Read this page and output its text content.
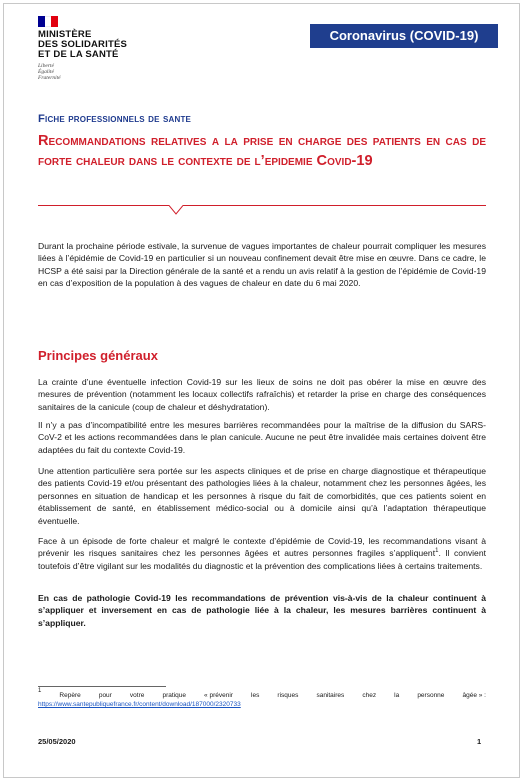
MINISTÈRE
DES SOLIDARITÉS
ET DE LA SANTÉ
Liberté
Égalité
Fraternité
Coronavirus (COVID-19)
Fiche professionnels de sante
Recommandations relatives a la prise en charge des patients en cas de forte chaleur dans le contexte de l’epidemie Covid-19

Durant la prochaine période estivale, la survenue de vagues importantes de chaleur pourrait compliquer les mesures liées à l’épidémie de Covid-19 en particulier si un nouveau confinement devait être mise en œuvre. Dans ce cadre, le HCSP a été saisi par la Direction générale de la santé et a rendu un avis relatif à la gestion de l’épidémie de Covid-19 en cas d’exposition de la population à des vagues de chaleur en date du 6 mai 2020.

Principes généraux

La crainte d’une éventuelle infection Covid-19 sur les lieux de soins ne doit pas obérer la mise en œuvre des mesures de prévention (notamment les locaux collectifs rafraîchis) et retarder la prise en charge des conséquences sanitaires de la canicule (coup de chaleur et déshydratation).

Il n’y a pas d’incompatibilité entre les mesures barrières recommandées pour la maîtrise de la diffusion du SARS-CoV-2 et les actions recommandées dans le plan canicule. Aucune ne peut être invalidée mais certaines doivent être adaptées du fait du contexte Covid-19.

Une attention particulière sera portée sur les aspects cliniques et de prise en charge diagnostique et thérapeutique des patients Covid-19 et/ou présentant des pathologies liées à la chaleur, notamment chez les personnes âgées, les personnes en situation de handicap et les personnes à risque du fait de comorbidités, que ces patients soient en établissement de santé, en établissement médico-social ou à domicile ainsi qu’à l’adaptation thérapeutique éventuelle.

Face à un épisode de forte chaleur et malgré le contexte d’épidémie de Covid-19, les recommandations visant à prévenir les risques sanitaires chez les personnes âgées et autres personnes fragiles s’appliquent$^1$. Il convient toutefois d’être vigilant sur les modalités du diagnostic et la prévention des complications liées à certains traitements.

En cas de pathologie Covid-19 les recommandations de prévention vis-à-vis de la chaleur continuent à s’appliquer et inversement en cas de pathologie liée à la chaleur, les mesures barrières continuent à s’appliquer.

1
Repère	pour	votre	pratique	« prévenir	les	risques	sanitaires	chez	la	personne	âgée » :
https://www.santepubliquefrance.fr/content/download/187000/2320733
25/05/2020	1
